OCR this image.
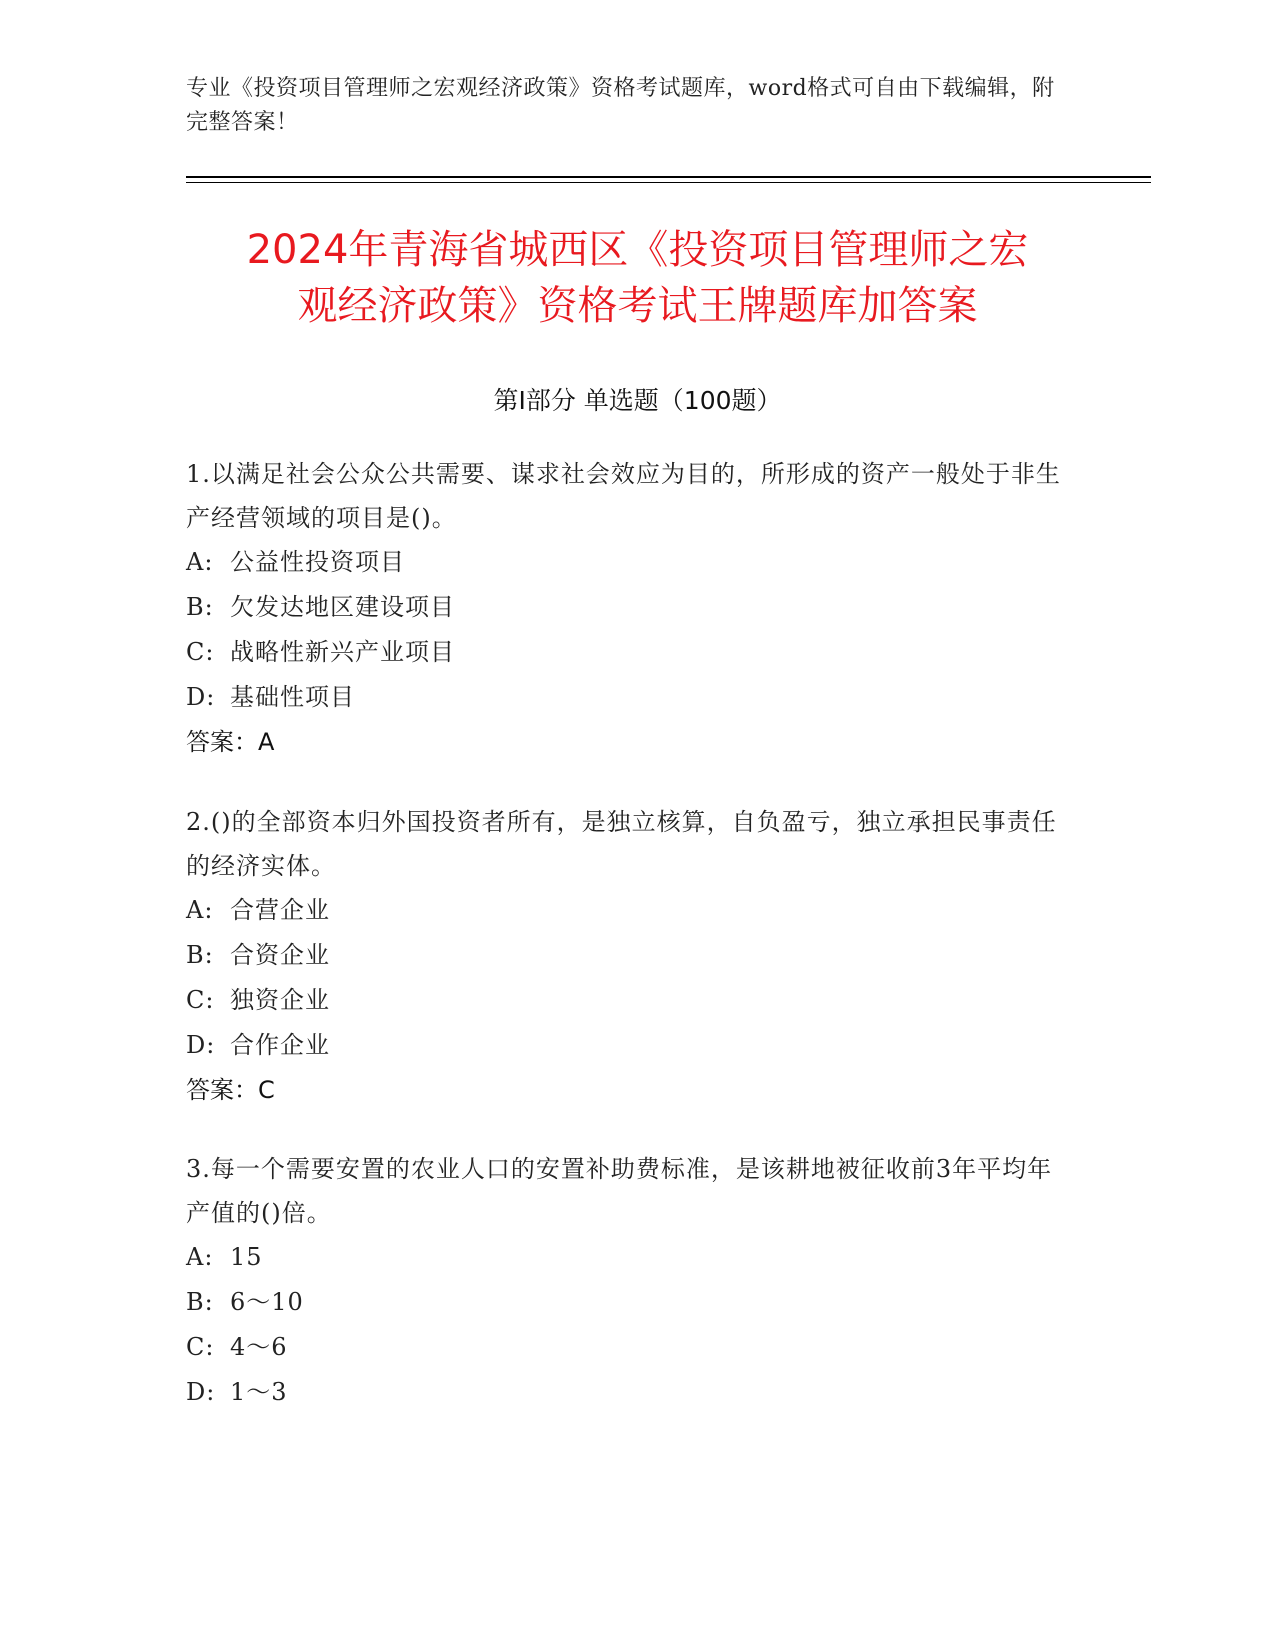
专业《投资项目管理师之宏观经济政策》资格考试题库，word格式可自由下载编辑，附完整答案！
2024年青海省城西区《投资项目管理师之宏
观经济政策》资格考试王牌题库加答案
第I部分 单选题（100题）
1.以满足社会公众公共需要、谋求社会效应为目的，所形成的资产一般处于非生产经营领域的项目是()。
A: 公益性投资项目
B: 欠发达地区建设项目
C: 战略性新兴产业项目
D: 基础性项目
答案：A
2.()的全部资本归外国投资者所有，是独立核算，自负盈亏，独立承担民事责任的经济实体。
A: 合营企业
B: 合资企业
C: 独资企业
D: 合作企业
答案：C
3.每一个需要安置的农业人口的安置补助费标准，是该耕地被征收前3年平均年产值的()倍。
A: 15
B: 6～10
C: 4～6
D: 1～3
